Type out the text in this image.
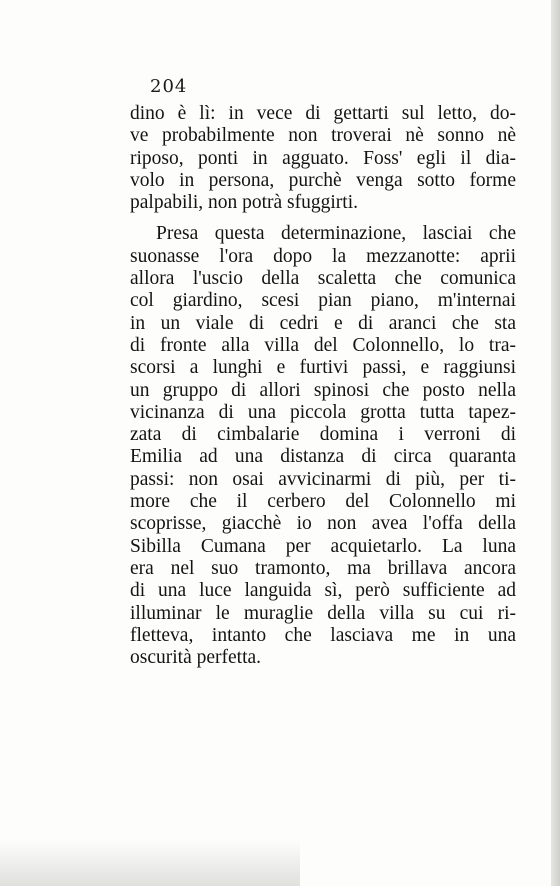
204
dino è lì: in vece di gettarti sul letto, do-
ve probabilmente non troverai nè sonno nè
riposo, ponti in agguato. Foss' egli il dia-
volo in persona, purchè venga sotto forme
palpabili, non potrà sfuggirti.
Presa questa determinazione, lasciai che
suonasse l'ora dopo la mezzanotte: aprii
allora l'uscio della scaletta che comunica
col giardino, scesi pian piano, m'internai
in un viale di cedri e di aranci che sta
di fronte alla villa del Colonnello, lo tra-
scorsi a lunghi e furtivi passi, e raggiunsi
un gruppo di allori spinosi che posto nella
vicinanza di una piccola grotta tutta tapez-
zata di cimbalarie domina i verroni di
Emilia ad una distanza di circa quaranta
passi: non osai avvicinarmi di più, per ti-
more che il cerbero del Colonnello mi
scoprisse, giacchè io non avea l'offa della
Sibilla Cumana per acquietarlo. La luna
era nel suo tramonto, ma brillava ancora
di una luce languida sì, però sufficiente ad
illuminar le muraglie della villa su cui ri-
fletteva, intanto che lasciava me in una
oscurità perfetta.
